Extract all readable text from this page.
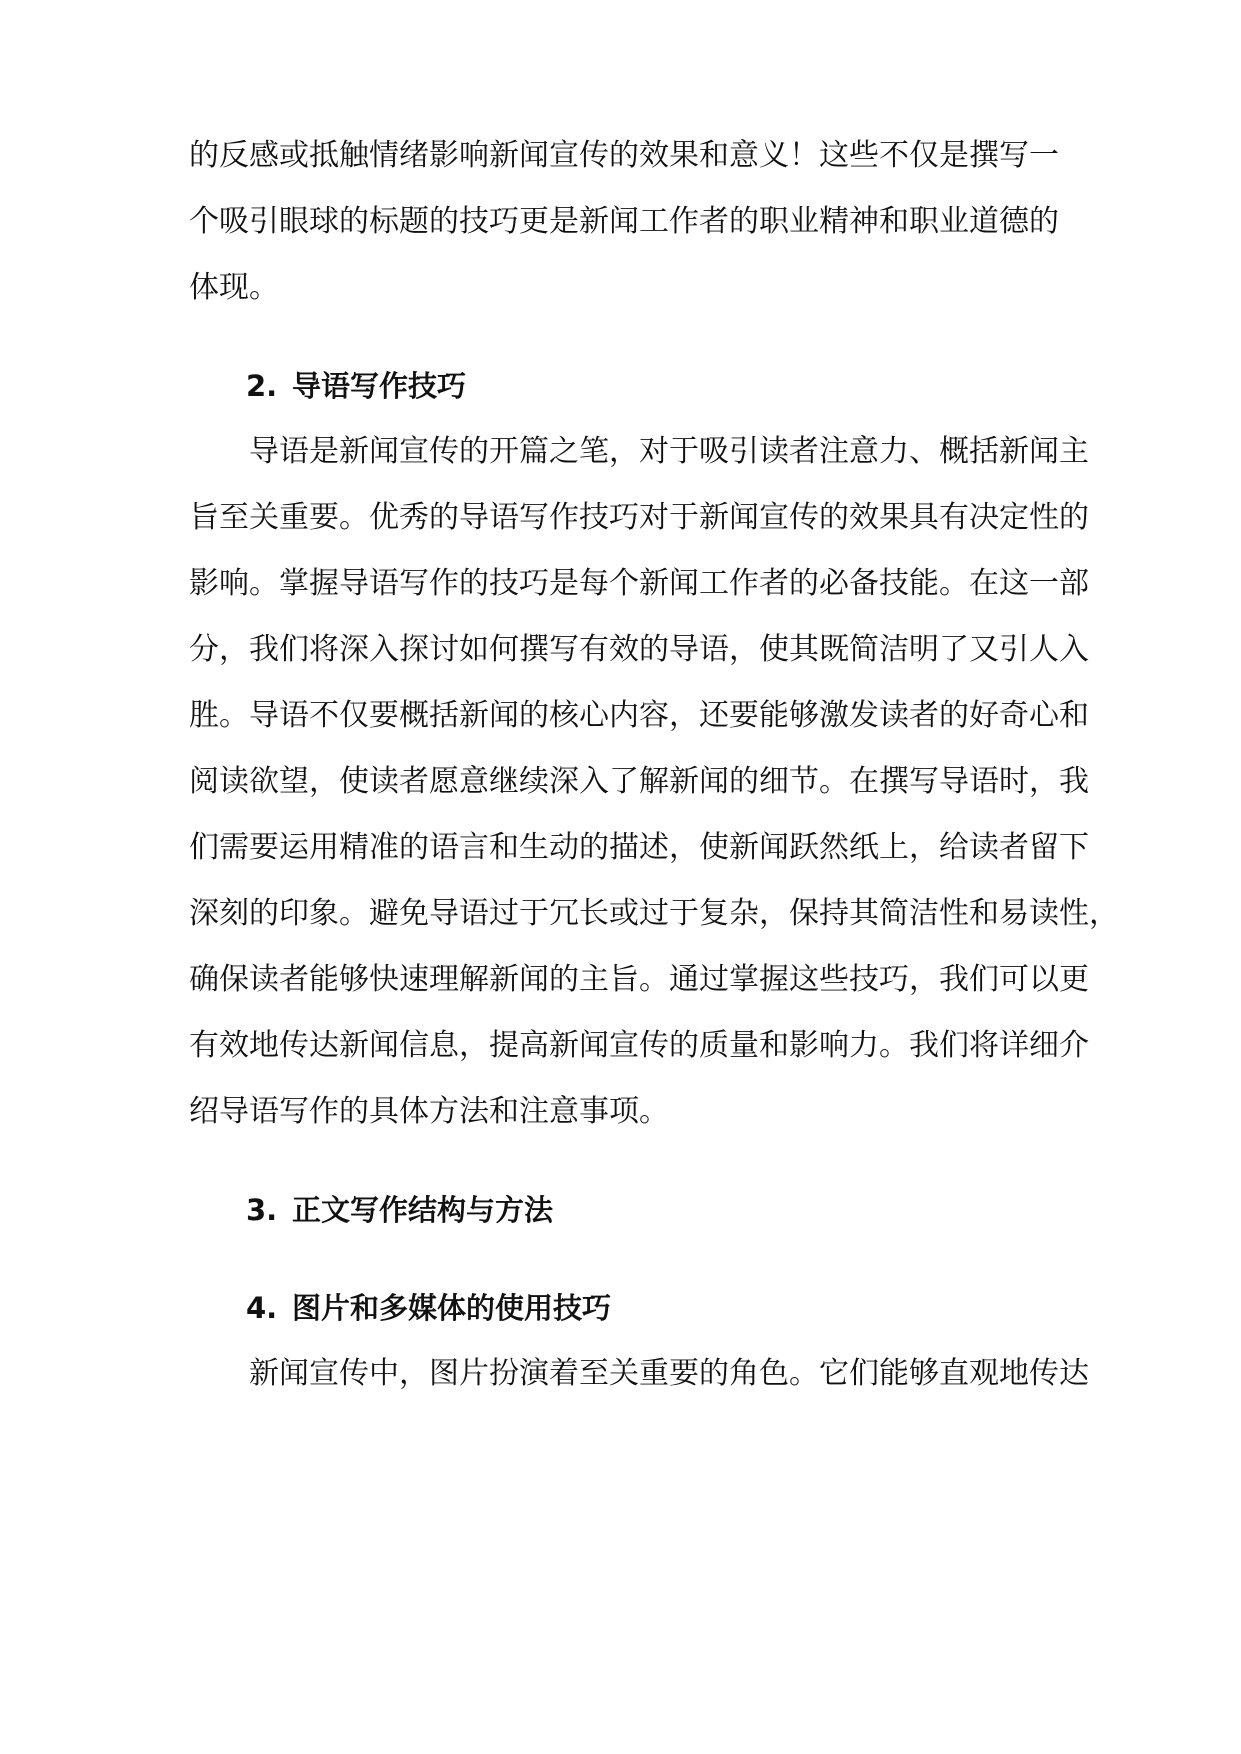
的反感或抵触情绪影响新闻宣传的效果和意义！这些不仅是撰写一
个吸引眼球的标题的技巧更是新闻工作者的职业精神和职业道德的
体现。
2. 导语写作技巧
　　导语是新闻宣传的开篇之笔，对于吸引读者注意力、概括新闻主
旨至关重要。优秀的导语写作技巧对于新闻宣传的效果具有决定性的
影响。掌握导语写作的技巧是每个新闻工作者的必备技能。在这一部
分，我们将深入探讨如何撰写有效的导语，使其既简洁明了又引人入
胜。导语不仅要概括新闻的核心内容，还要能够激发读者的好奇心和
阅读欲望，使读者愿意继续深入了解新闻的细节。在撰写导语时，我
们需要运用精准的语言和生动的描述，使新闻跃然纸上，给读者留下
深刻的印象。避免导语过于冗长或过于复杂，保持其简洁性和易读性，
确保读者能够快速理解新闻的主旨。通过掌握这些技巧，我们可以更
有效地传达新闻信息，提高新闻宣传的质量和影响力。我们将详细介
绍导语写作的具体方法和注意事项。
3. 正文写作结构与方法
4. 图片和多媒体的使用技巧
　　新闻宣传中，图片扮演着至关重要的角色。它们能够直观地传达
